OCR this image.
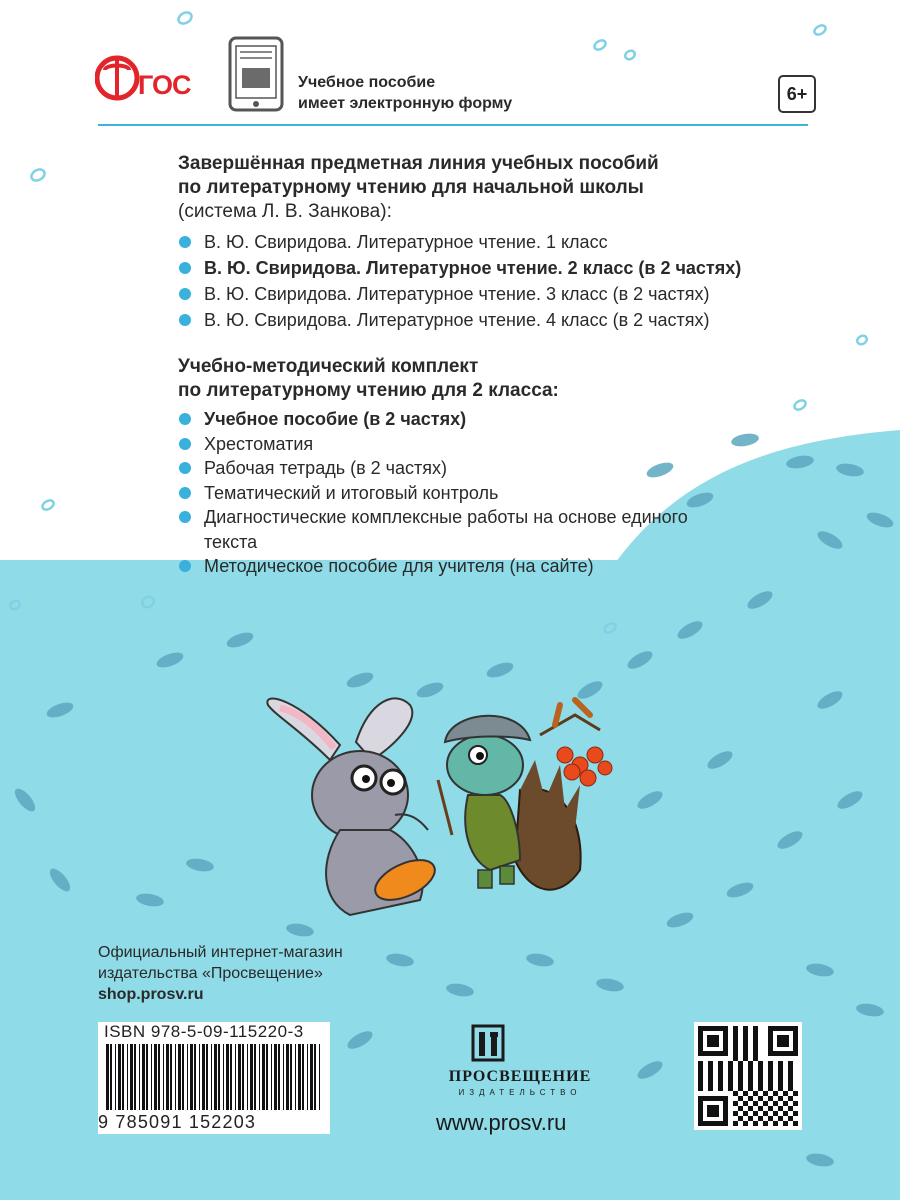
ГОС	Учебное пособие
имеет электронную форму	6+
Завершённая предметная линия учебных пособий
по литературному чтению для начальной школы
(система Л. В. Занкова):
В. Ю. Свиридова. Литературное чтение. 1 класс
В. Ю. Свиридова. Литературное чтение. 2 класс (в 2 частях)
В. Ю. Свиридова. Литературное чтение. 3 класс (в 2 частях)
В. Ю. Свиридова. Литературное чтение. 4 класс (в 2 частях)
Учебно-методический комплект
по литературному чтению для 2 класса:
Учебное пособие (в 2 частях)
Хрестоматия
Рабочая тетрадь (в 2 частях)
Тематический и итоговый контроль
Диагностические комплексные работы на основе единого текста
Методическое пособие для учителя (на сайте)
Официальный интернет-магазин
издательства «Просвещение»
shop.prosv.ru
ISBN 978-5-09-115220-3
9 785091 152203
ПРОСВЕЩЕНИЕ
ИЗДАТЕЛЬСТВО
www.prosv.ru
